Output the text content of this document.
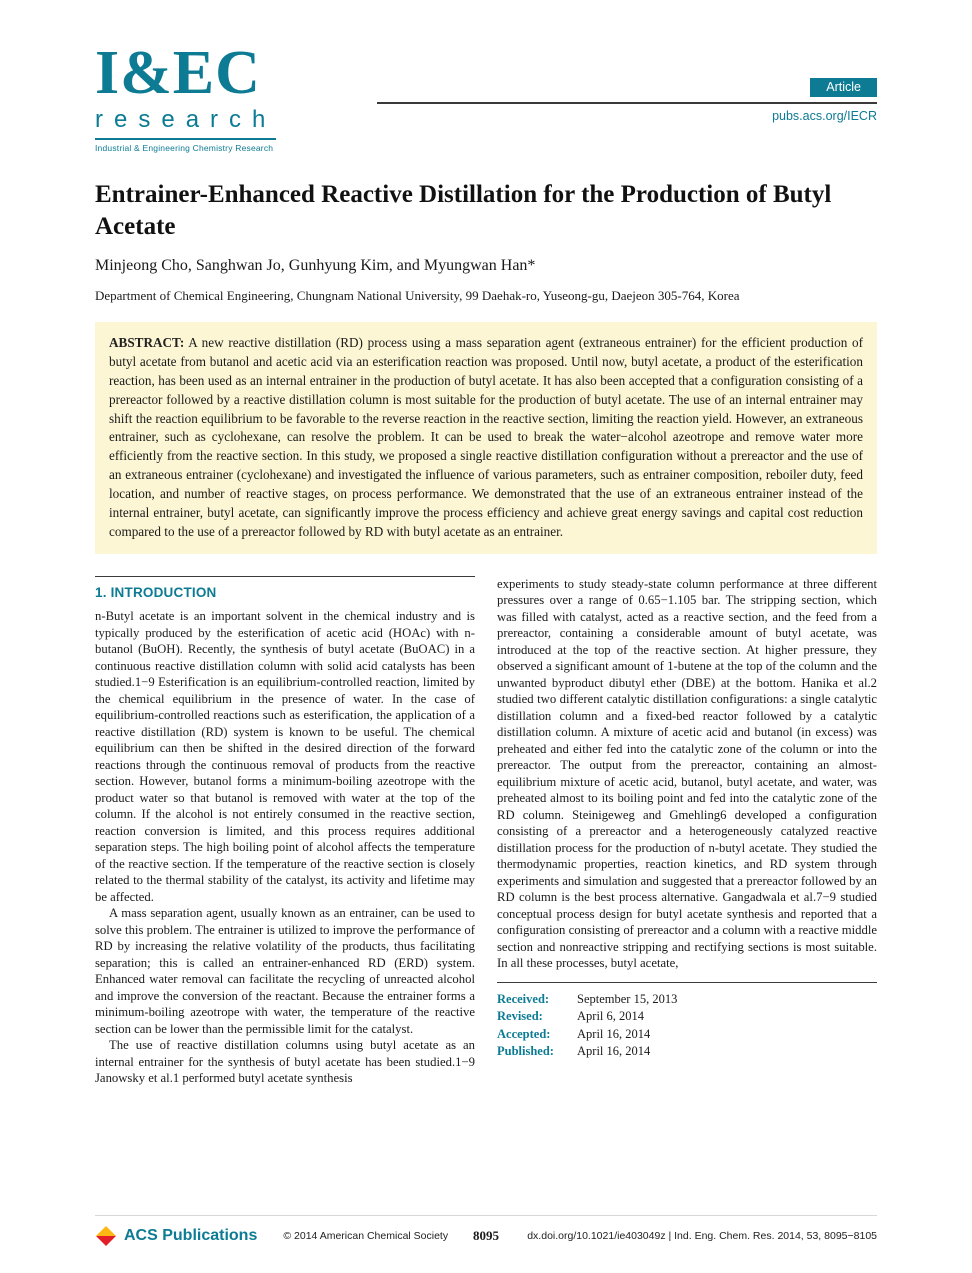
I&EC
research
Industrial & Engineering Chemistry Research
Article
pubs.acs.org/IECR
Entrainer-Enhanced Reactive Distillation for the Production of Butyl Acetate
Minjeong Cho, Sanghwan Jo, Gunhyung Kim, and Myungwan Han*
Department of Chemical Engineering, Chungnam National University, 99 Daehak-ro, Yuseong-gu, Daejeon 305-764, Korea

ABSTRACT: A new reactive distillation (RD) process using a mass separation agent (extraneous entrainer) for the efficient production of butyl acetate from butanol and acetic acid via an esterification reaction was proposed. Until now, butyl acetate, a product of the esterification reaction, has been used as an internal entrainer in the production of butyl acetate. It has also been accepted that a configuration consisting of a prereactor followed by a reactive distillation column is most suitable for the production of butyl acetate. The use of an internal entrainer may shift the reaction equilibrium to be favorable to the reverse reaction in the reactive section, limiting the reaction yield. However, an extraneous entrainer, such as cyclohexane, can resolve the problem. It can be used to break the water−alcohol azeotrope and remove water more efficiently from the reactive section. In this study, we proposed a single reactive distillation configuration without a prereactor and the use of an extraneous entrainer (cyclohexane) and investigated the influence of various parameters, such as entrainer composition, reboiler duty, feed location, and number of reactive stages, on process performance. We demonstrated that the use of an extraneous entrainer instead of the internal entrainer, butyl acetate, can significantly improve the process efficiency and achieve great energy savings and capital cost reduction compared to the use of a prereactor followed by RD with butyl acetate as an entrainer.

1. INTRODUCTION

n-Butyl acetate is an important solvent in the chemical industry and is typically produced by the esterification of acetic acid (HOAc) with n-butanol (BuOH). Recently, the synthesis of butyl acetate (BuOAC) in a continuous reactive distillation column with solid acid catalysts has been studied.1−9 Esterification is an equilibrium-controlled reaction, limited by the chemical equilibrium in the presence of water. In the case of equilibrium-controlled reactions such as esterification, the application of a reactive distillation (RD) system is known to be useful. The chemical equilibrium can then be shifted in the desired direction of the forward reactions through the continuous removal of products from the reactive section. However, butanol forms a minimum-boiling azeotrope with the product water so that butanol is removed with water at the top of the column. If the alcohol is not entirely consumed in the reactive section, reaction conversion is limited, and this process requires additional separation steps. The high boiling point of alcohol affects the temperature of the reactive section. If the temperature of the reactive section is closely related to the thermal stability of the catalyst, its activity and lifetime may be affected.

A mass separation agent, usually known as an entrainer, can be used to solve this problem. The entrainer is utilized to improve the performance of RD by increasing the relative volatility of the products, thus facilitating separation; this is called an entrainer-enhanced RD (ERD) system. Enhanced water removal can facilitate the recycling of unreacted alcohol and improve the conversion of the reactant. Because the entrainer forms a minimum-boiling azeotrope with water, the temperature of the reactive section can be lower than the permissible limit for the catalyst.

The use of reactive distillation columns using butyl acetate as an internal entrainer for the synthesis of butyl acetate has been studied.1−9 Janowsky et al.1 performed butyl acetate synthesis

experiments to study steady-state column performance at three different pressures over a range of 0.65−1.105 bar. The stripping section, which was filled with catalyst, acted as a reactive section, and the feed from a prereactor, containing a considerable amount of butyl acetate, was introduced at the top of the reactive section. At higher pressure, they observed a significant amount of 1-butene at the top of the column and the unwanted byproduct dibutyl ether (DBE) at the bottom. Hanika et al.2 studied two different catalytic distillation configurations: a single catalytic distillation column and a fixed-bed reactor followed by a catalytic distillation column. A mixture of acetic acid and butanol (in excess) was preheated and either fed into the catalytic zone of the column or into the prereactor. The output from the prereactor, containing an almost-equilibrium mixture of acetic acid, butanol, butyl acetate, and water, was preheated almost to its boiling point and fed into the catalytic zone of the RD column. Steinigeweg and Gmehling6 developed a configuration consisting of a prereactor and a heterogeneously catalyzed reactive distillation process for the production of n-butyl acetate. They studied the thermodynamic properties, reaction kinetics, and RD system through experiments and simulation and suggested that a prereactor followed by an RD column is the best process alternative. Gangadwala et al.7−9 studied conceptual process design for butyl acetate synthesis and reported that a configuration consisting of prereactor and a column with a reactive middle section and nonreactive stripping and rectifying sections is most suitable. In all these processes, butyl acetate,

Received:	September 15, 2013
Revised:	April 6, 2014
Accepted:	April 16, 2014
Published:	April 16, 2014
ACS Publications © 2014 American Chemical Society	8095	dx.doi.org/10.1021/ie403049z | Ind. Eng. Chem. Res. 2014, 53, 8095−8105
